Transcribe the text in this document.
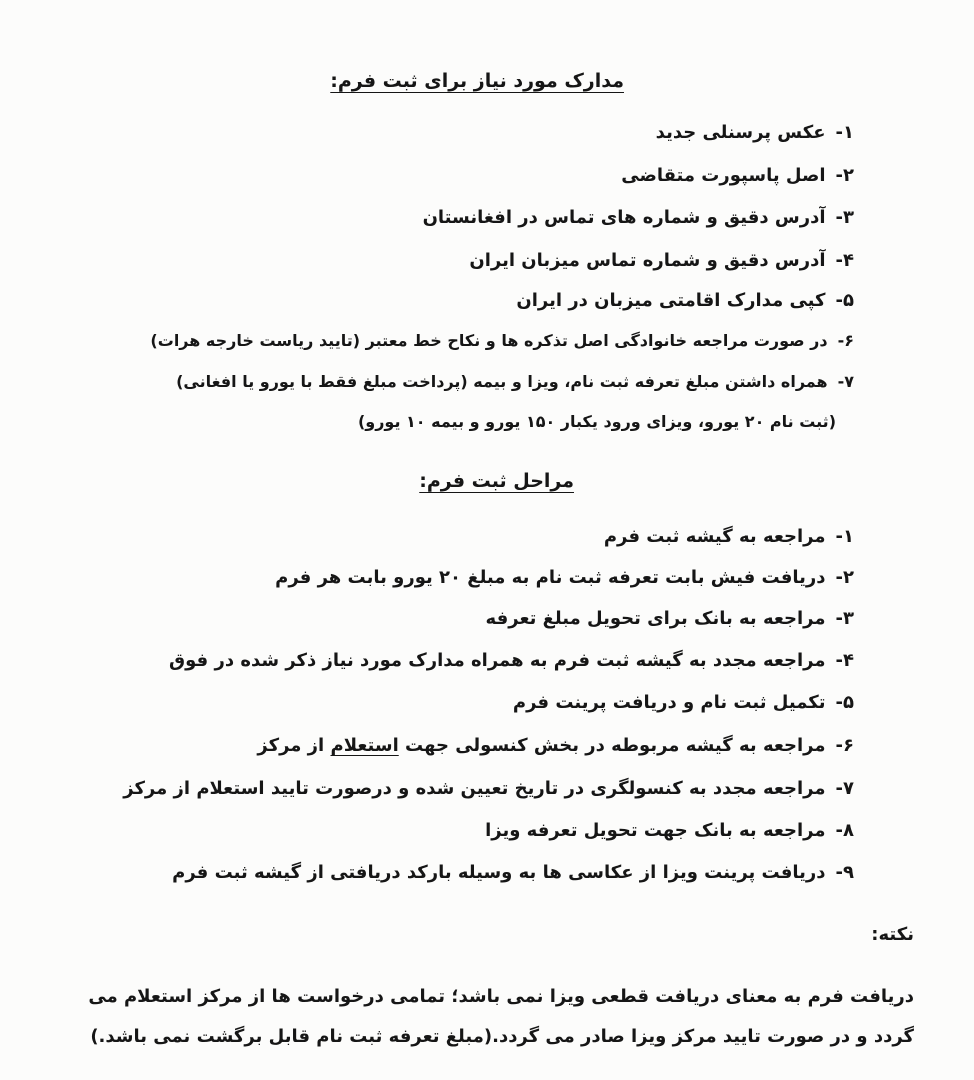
مدارک مورد نیاز برای ثبت فرم:
۱-عکس پرسنلی جدید
۲-اصل پاسپورت متقاضی
۳-آدرس دقیق و شماره های تماس در افغانستان
۴-آدرس دقیق و شماره تماس میزبان ایران
۵-کپی مدارک اقامتی میزبان در ایران
۶-در صورت مراجعه خانوادگی اصل تذکره ها و نکاح خط معتبر (تایید ریاست خارجه هرات)
۷-همراه داشتن مبلغ تعرفه ثبت نام، ویزا و بیمه (پرداخت مبلغ فقط با یورو یا افغانی)
(ثبت نام ۲۰ یورو، ویزای ورود یکبار ۱۵۰ یورو و بیمه ۱۰ یورو)
مراحل ثبت فرم:
۱-مراجعه به گیشه ثبت فرم
۲-دریافت فیش بابت تعرفه ثبت نام به مبلغ ۲۰ یورو بابت هر فرم
۳-مراجعه به بانک برای تحویل مبلغ تعرفه
۴-مراجعه مجدد به گیشه ثبت فرم به همراه مدارک مورد نیاز ذکر شده در فوق
۵-تکمیل ثبت نام و دریافت پرینت فرم
۶-مراجعه به گیشه مربوطه در بخش کنسولی جهت استعلام از مرکز
۷-مراجعه مجدد به کنسولگری در تاریخ تعیین شده و درصورت تایید استعلام از مرکز
۸-مراجعه به بانک جهت تحویل تعرفه ویزا
۹-دریافت پرینت ویزا از عکاسی ها به وسیله بارکد دریافتی از گیشه ثبت فرم
نکته:
دریافت فرم به معنای دریافت قطعی ویزا نمی باشد؛ تمامی درخواست ها از مرکز استعلام می
گردد و در صورت تایید مرکز ویزا صادر می گردد.(مبلغ تعرفه ثبت نام قابل برگشت نمی باشد.)
